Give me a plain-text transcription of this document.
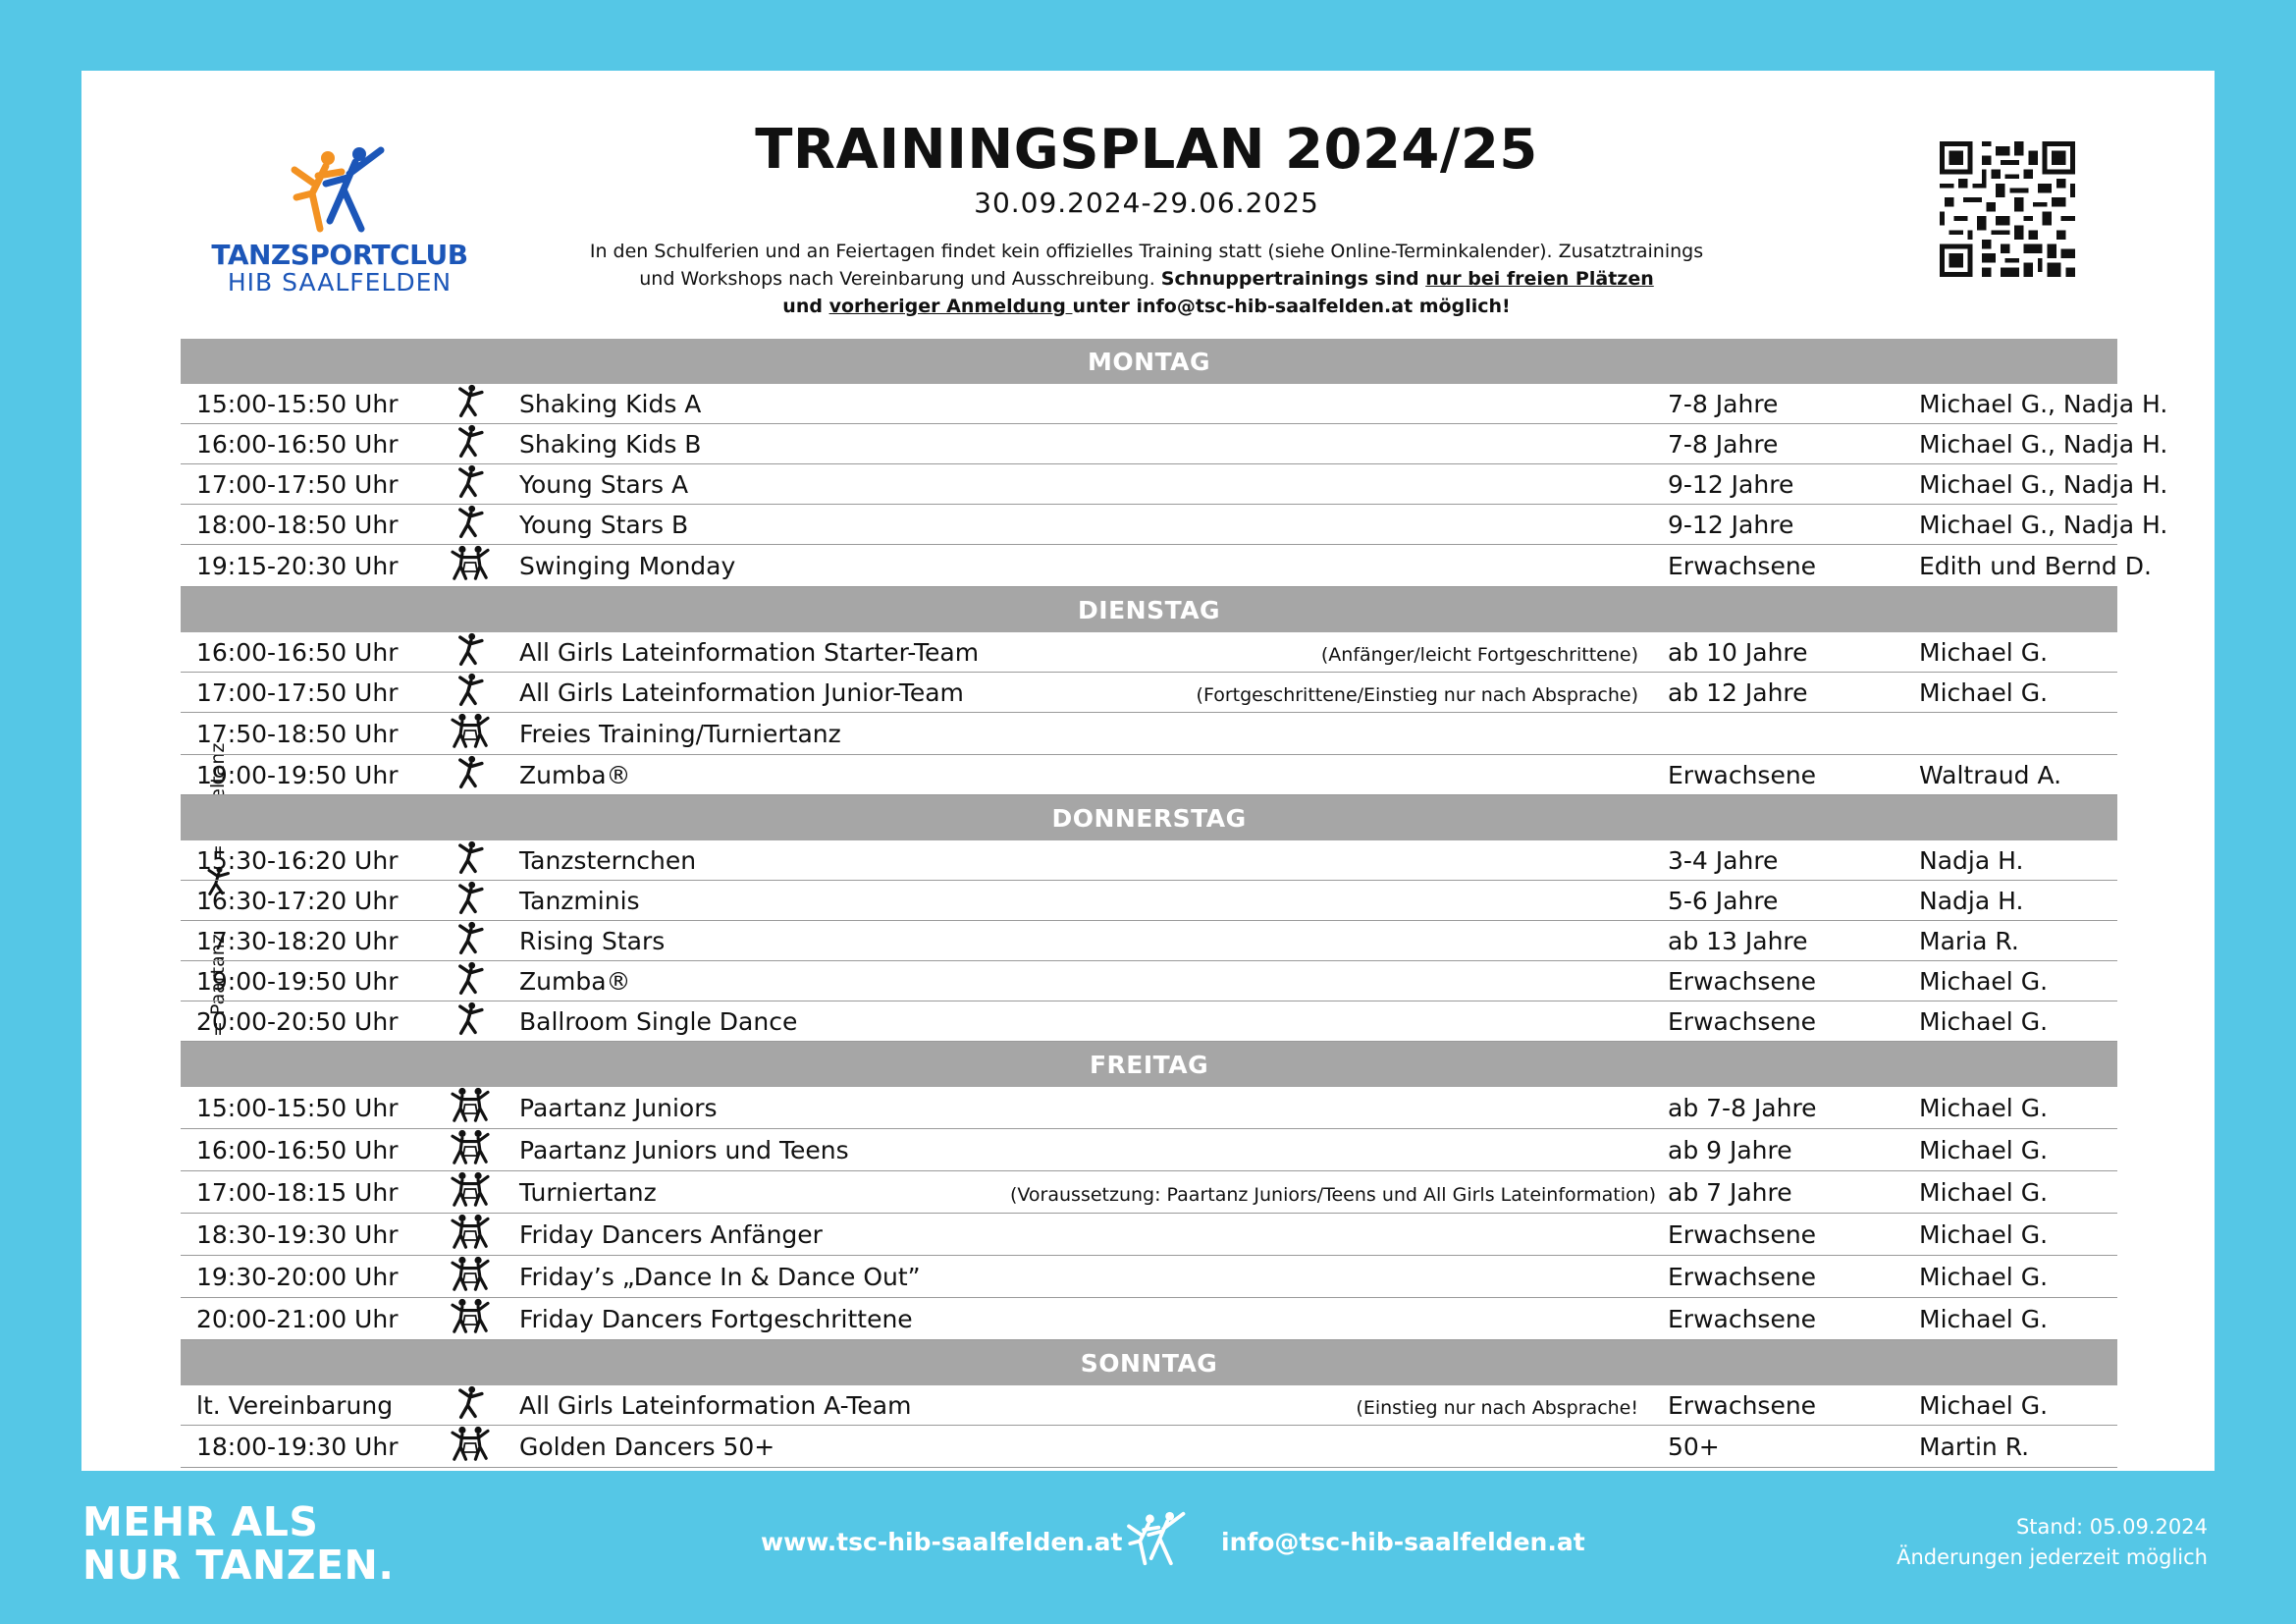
TANZSPORTCLUB
HIB SAALFELDEN
TRAININGSPLAN 2024/25
30.09.2024-29.06.2025
In den Schulferien und an Feiertagen findet kein offizielles Training statt (siehe Online-Terminkalender). Zusatztrainings
und Workshops nach Vereinbarung und Ausschreibung. Schnuppertrainings sind nur bei freien Plätzen
und vorheriger Anmeldung unter info@tsc-hib-saalfelden.at möglich!
= Paartanz
MONTAG					
15:00-15:50 Uhr		Shaking Kids A		7-8 Jahre	Michael G., Nadja H.
16:00-16:50 Uhr		Shaking Kids B		7-8 Jahre	Michael G., Nadja H.
17:00-17:50 Uhr		Young Stars A		9-12 Jahre	Michael G., Nadja H.
18:00-18:50 Uhr		Young Stars B		9-12 Jahre	Michael G., Nadja H.
19:15-20:30 Uhr		Swinging Monday		Erwachsene	Edith und Bernd D.
DIENSTAG					
16:00-16:50 Uhr		All Girls Lateinformation Starter-Team	(Anfänger/leicht Fortgeschrittene)	ab 10 Jahre	Michael G.
17:00-17:50 Uhr		All Girls Lateinformation Junior-Team	(Fortgeschrittene/Einstieg nur nach Absprache)	ab 12 Jahre	Michael G.
17:50-18:50 Uhr		Freies Training/Turniertanz			
19:00-19:50 Uhr		Zumba®		Erwachsene	Waltraud A.
DONNERSTAG					
15:30-16:20 Uhr		Tanzsternchen		3-4 Jahre	Nadja H.
16:30-17:20 Uhr		Tanzminis		5-6 Jahre	Nadja H.
17:30-18:20 Uhr		Rising Stars		ab 13 Jahre	Maria R.
19:00-19:50 Uhr		Zumba®		Erwachsene	Michael G.
20:00-20:50 Uhr		Ballroom Single Dance		Erwachsene	Michael G.
FREITAG					
15:00-15:50 Uhr		Paartanz Juniors		ab 7-8 Jahre	Michael G.
16:00-16:50 Uhr		Paartanz Juniors und Teens		ab 9 Jahre	Michael G.
17:00-18:15 Uhr		Turniertanz	(Voraussetzung: Paartanz Juniors/Teens und All Girls Lateinformation)	ab 7 Jahre	Michael G.
18:30-19:30 Uhr		Friday Dancers Anfänger		Erwachsene	Michael G.
19:30-20:00 Uhr		Friday’s „Dance In & Dance Out”		Erwachsene	Michael G.
20:00-21:00 Uhr		Friday Dancers Fortgeschrittene		Erwachsene	Michael G.
SONNTAG					
lt. Vereinbarung		All Girls Lateinformation A-Team	(Einstieg nur nach Absprache!	Erwachsene	Michael G.
18:00-19:30 Uhr		Golden Dancers 50+		50+	Martin R.
MEHR ALS
NUR TANZEN.	www.tsc-hib-saalfelden.at	info@tsc-hib-saalfelden.at
Stand: 05.09.2024
Änderungen jederzeit möglich
